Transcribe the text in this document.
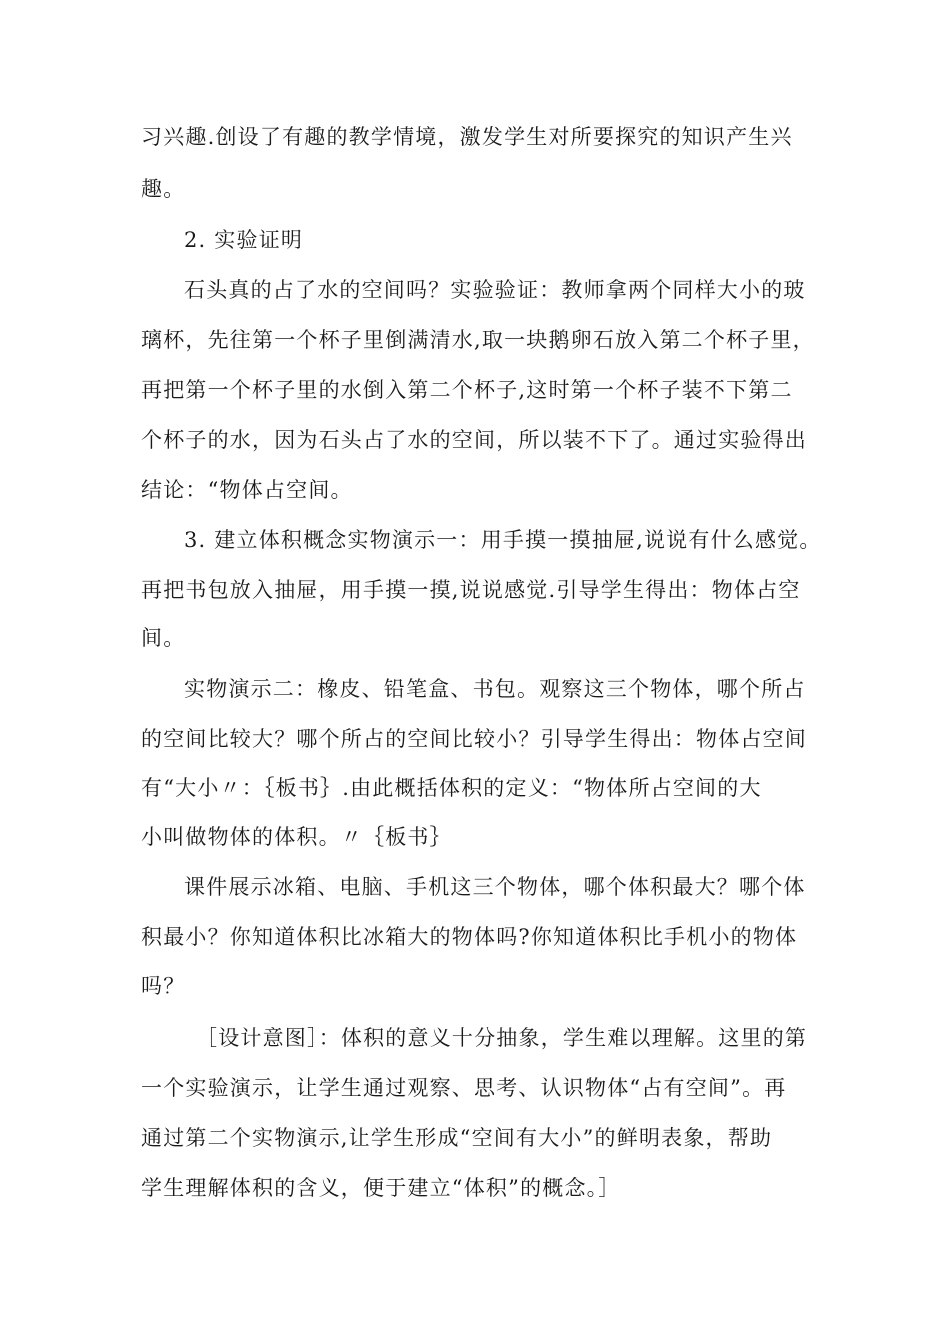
习兴趣.创设了有趣的教学情境，激发学生对所要探究的知识产生兴
趣。
2. 实验证明
石头真的占了水的空间吗？实验验证：教师拿两个同样大小的玻
璃杯，先往第一个杯子里倒满清水,取一块鹅卵石放入第二个杯子里，
再把第一个杯子里的水倒入第二个杯子,这时第一个杯子装不下第二
个杯子的水，因为石头占了水的空间，所以装不下了。通过实验得出
结论：“物体占空间。
3. 建立体积概念实物演示一：用手摸一摸抽屉,说说有什么感觉。
再把书包放入抽屉，用手摸一摸,说说感觉.引导学生得出：物体占空
间。
实物演示二：橡皮、铅笔盒、书包。观察这三个物体，哪个所占
的空间比较大？哪个所占的空间比较小？引导学生得出：物体占空间
有“大小〃：｛板书｝.由此概括体积的定义：“物体所占空间的大
小叫做物体的体积。〃｛板书｝
课件展示冰箱、电脑、手机这三个物体，哪个体积最大？哪个体
积最小？你知道体积比冰箱大的物体吗?你知道体积比手机小的物体
吗？
［设计意图］：体积的意义十分抽象，学生难以理解。这里的第
一个实验演示，让学生通过观察、思考、认识物体“占有空间”。再
通过第二个实物演示,让学生形成“空间有大小”的鲜明表象，帮助
学生理解体积的含义，便于建立“体积”的概念。］
